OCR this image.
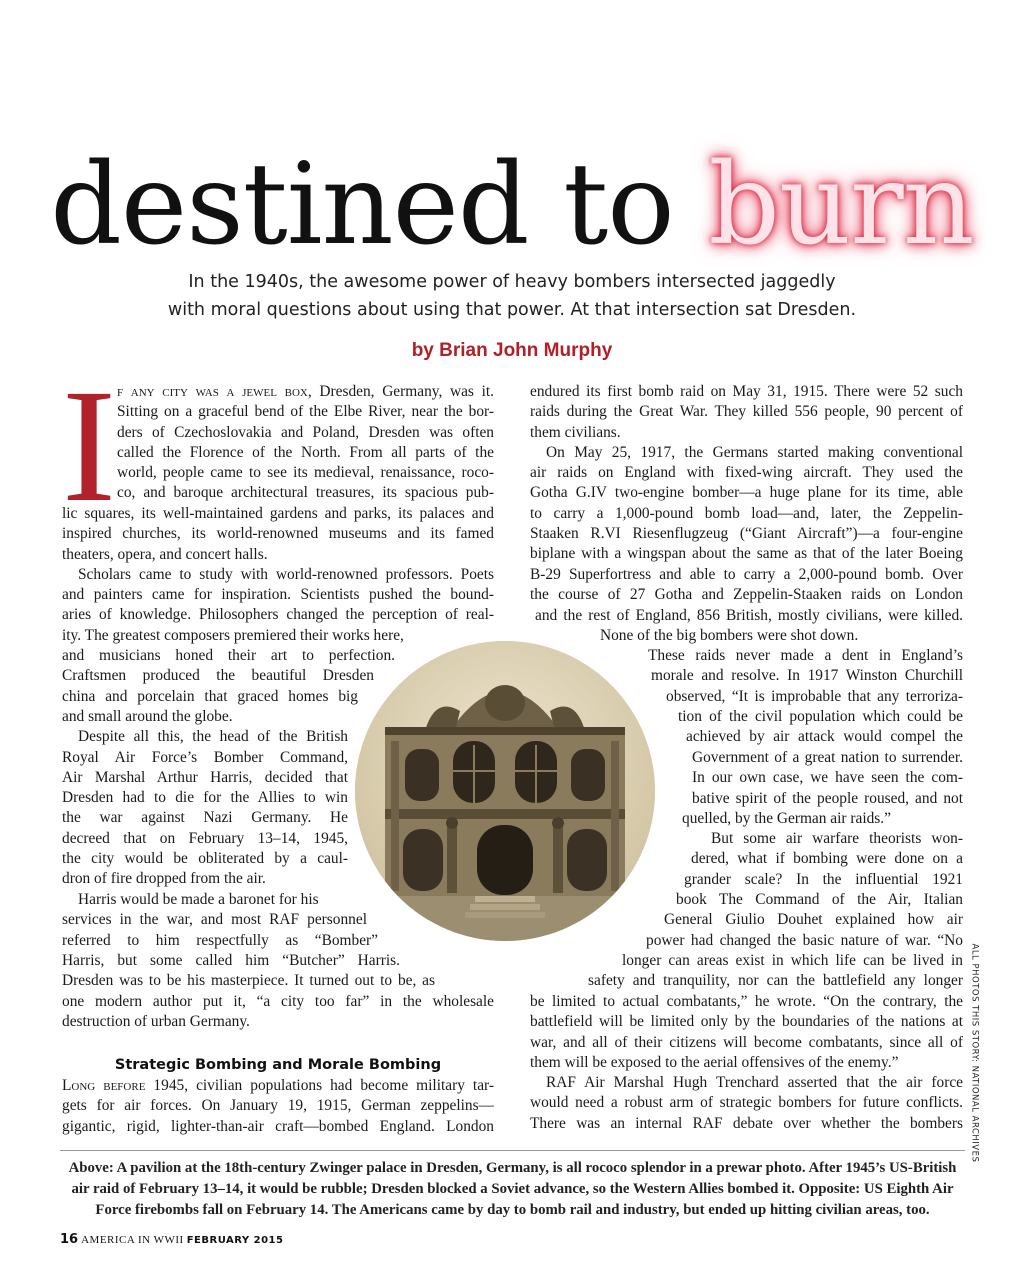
destined to burn
In the 1940s, the awesome power of heavy bombers intersected jaggedly
with moral questions about using that power. At that intersection sat Dresden.
by Brian John Murphy
I f any city was a jewel box, Dresden, Germany, was it.
Sitting on a graceful bend of the Elbe River, near the bor-
ders of Czechoslovakia and Poland, Dresden was often
called the Florence of the North. From all parts of the
world, people came to see its medieval, renaissance, roco-
co, and baroque architectural treasures, its spacious pub-
lic squares, its well-maintained gardens and parks, its palaces and
inspired churches, its world-renowned museums and its famed
theaters, opera, and concert halls.
Scholars came to study with world-renowned professors. Poets
and painters came for inspiration. Scientists pushed the bound-
aries of knowledge. Philosophers changed the perception of real-
ity. The greatest composers premiered their works here,
and musicians honed their art to perfection.
Craftsmen produced the beautiful Dresden
china and porcelain that graced homes big
and small around the globe.
Despite all this, the head of the British
Royal Air Force’s Bomber Command,
Air Marshal Arthur Harris, decided that
Dresden had to die for the Allies to win
the war against Nazi Germany. He
decreed that on February 13–14, 1945,
the city would be obliterated by a caul-
dron of fire dropped from the air.
Harris would be made a baronet for his
services in the war, and most RAF personnel
referred to him respectfully as “Bomber”
Harris, but some called him “Butcher” Harris.
Dresden was to be his masterpiece. It turned out to be, as
one modern author put it, “a city too far” in the wholesale
destruction of urban Germany.
Strategic Bombing and Morale Bombing
Long before 1945, civilian populations had become military tar-
gets for air forces. On January 19, 1915, German zeppelins—
gigantic, rigid, lighter-than-air craft—bombed England. London
endured its first bomb raid on May 31, 1915. There were 52 such
raids during the Great War. They killed 556 people, 90 percent of
them civilians.
On May 25, 1917, the Germans started making conventional
air raids on England with fixed-wing aircraft. They used the
Gotha G.IV two-engine bomber—a huge plane for its time, able
to carry a 1,000-pound bomb load—and, later, the Zeppelin-
Staaken R.VI Riesenflugzeug (“Giant Aircraft”)—a four-engine
biplane with a wingspan about the same as that of the later Boeing
B-29 Superfortress and able to carry a 2,000-pound bomb. Over
the course of 27 Gotha and Zeppelin-Staaken raids on London
and the rest of England, 856 British, mostly civilians, were killed.
None of the big bombers were shot down.
These raids never made a dent in England’s
morale and resolve. In 1917 Winston Churchill
observed, “It is improbable that any terroriza-
tion of the civil population which could be
achieved by air attack would compel the
Government of a great nation to surrender.
In our own case, we have seen the com-
bative spirit of the people roused, and not
quelled, by the German air raids.”
But some air warfare theorists won-
dered, what if bombing were done on a
grander scale? In the influential 1921
book The Command of the Air, Italian
General Giulio Douhet explained how air
power had changed the basic nature of war. “No
longer can areas exist in which life can be lived in
safety and tranquility, nor can the battlefield any longer
be limited to actual combatants,” he wrote. “On the contrary, the
battlefield will be limited only by the boundaries of the nations at
war, and all of their citizens will become combatants, since all of
them will be exposed to the aerial offensives of the enemy.”
RAF Air Marshal Hugh Trenchard asserted that the air force
would need a robust arm of strategic bombers for future conflicts.
There was an internal RAF debate over whether the bombers ALL PHOTOS THIS STORY: NATIONAL ARCHIVES
Above: A pavilion at the 18th-century Zwinger palace in Dresden, Germany, is all rococo splendor in a prewar photo. After 1945’s US-British air raid of February 13–14, it would be rubble; Dresden blocked a Soviet advance, so the Western Allies bombed it. Opposite: US Eighth Air Force firebombs fall on February 14. The Americans came by day to bomb rail and industry, but ended up hitting civilian areas, too.
16 AMERICA IN WWII FEBRUARY 2015
